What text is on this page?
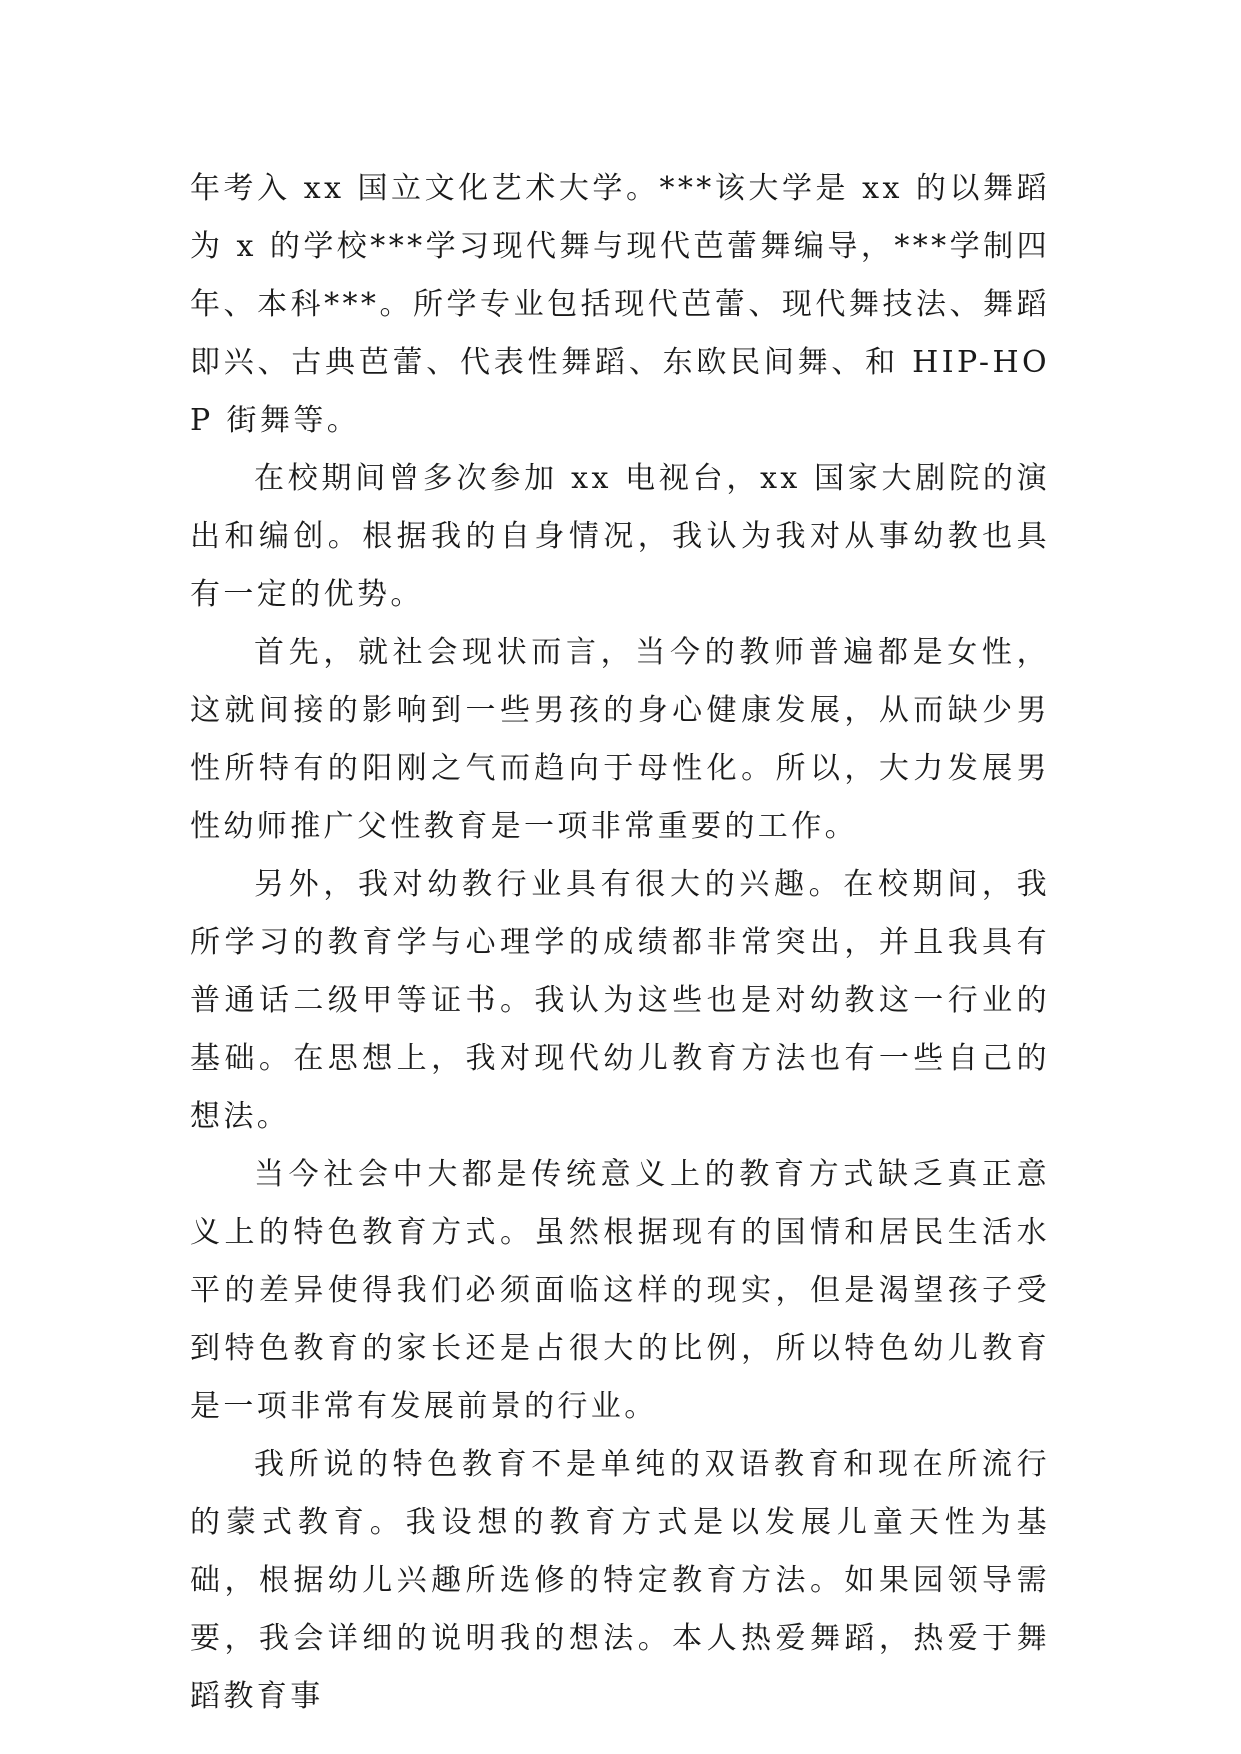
年考入 xx 国立文化艺术大学。***该大学是 xx 的以舞蹈为 x 的学校***学习现代舞与现代芭蕾舞编导，***学制四年、本科***。所学专业包括现代芭蕾、现代舞技法、舞蹈即兴、古典芭蕾、代表性舞蹈、东欧民间舞、和 HIP-HOP 街舞等。

在校期间曾多次参加 xx 电视台，xx 国家大剧院的演出和编创。根据我的自身情况，我认为我对从事幼教也具有一定的优势。

首先，就社会现状而言，当今的教师普遍都是女性，这就间接的影响到一些男孩的身心健康发展，从而缺少男性所特有的阳刚之气而趋向于母性化。所以，大力发展男性幼师推广父性教育是一项非常重要的工作。

另外，我对幼教行业具有很大的兴趣。在校期间，我所学习的教育学与心理学的成绩都非常突出，并且我具有普通话二级甲等证书。我认为这些也是对幼教这一行业的基础。在思想上，我对现代幼儿教育方法也有一些自己的想法。

当今社会中大都是传统意义上的教育方式缺乏真正意义上的特色教育方式。虽然根据现有的国情和居民生活水平的差异使得我们必须面临这样的现实，但是渴望孩子受到特色教育的家长还是占很大的比例，所以特色幼儿教育是一项非常有发展前景的行业。

我所说的特色教育不是单纯的双语教育和现在所流行的蒙式教育。我设想的教育方式是以发展儿童天性为基础，根据幼儿兴趣所选修的特定教育方法。如果园领导需要，我会详细的说明我的想法。本人热爱舞蹈，热爱于舞蹈教育事
